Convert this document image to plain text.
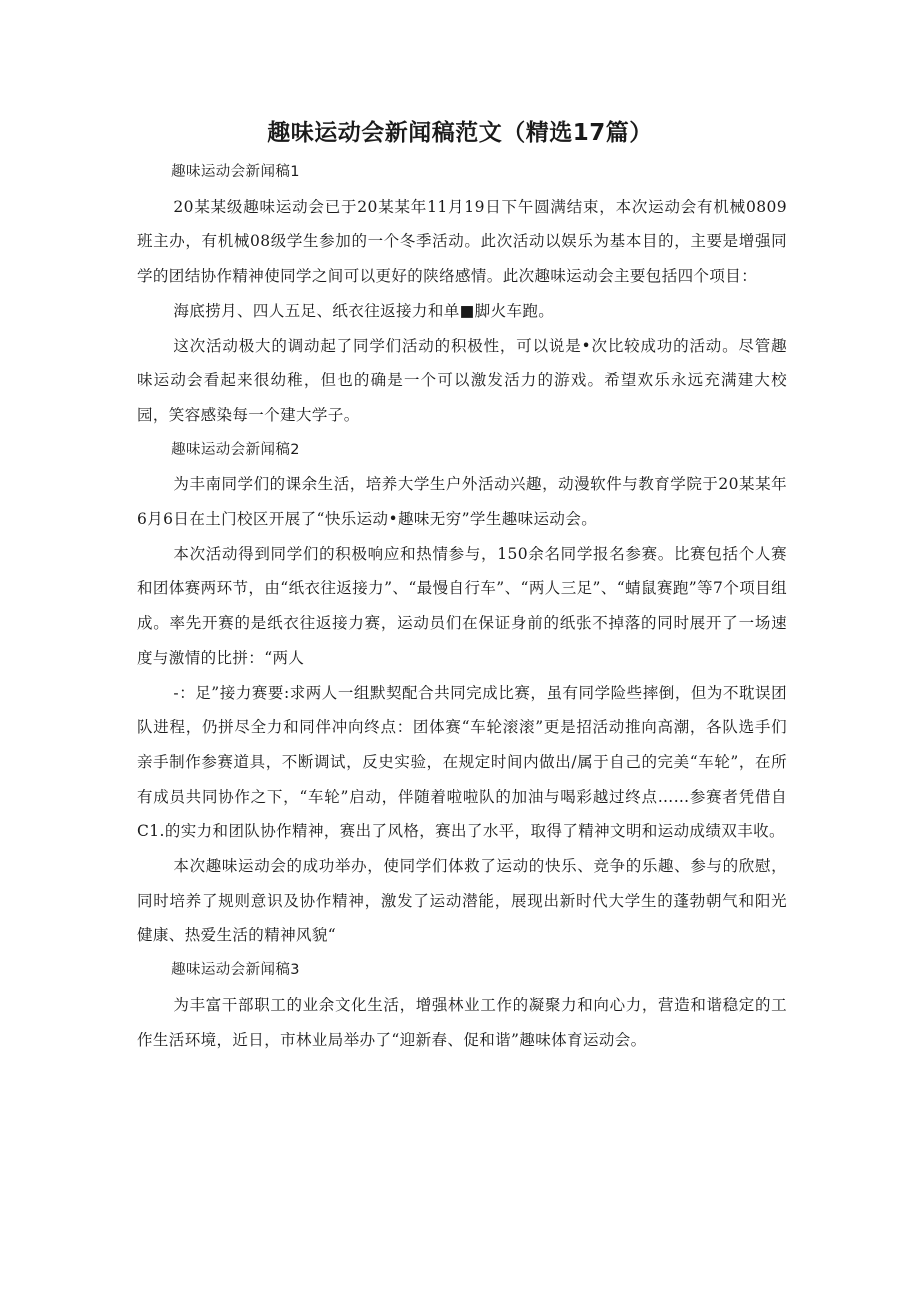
趣味运动会新闻稿范文（精选17篇）

趣味运动会新闻稿1

20某某级趣味运动会已于20某某年11月19日下午圆满结束，本次运动会有机械0809班主办，有机械08级学生参加的一个冬季活动。此次活动以娱乐为基本目的，主要是增强同学的团结协作精神使同学之间可以更好的陕络感情。此次趣味运动会主要包括四个项目：

海底捞月、四人五足、纸衣往返接力和单■脚火车跑。

这次活动极大的调动起了同学们活动的积极性，可以说是•次比较成功的活动。尽管趣味运动会看起来很幼稚，但也的确是一个可以激发活力的游戏。希望欢乐永远充满建大校园，笑容感染每一个建大学子。

趣味运动会新闻稿2

为丰南同学们的课余生活，培养大学生户外活动兴趣，动漫软件与教育学院于20某某年6月6日在土门校区开展了“快乐运动•趣味无穷”学生趣味运动会。

本次活动得到同学们的积极响应和热情参与，150余名同学报名参赛。比赛包括个人赛和团体赛两环节，由“纸衣往返接力”、“最慢自行车”、“两人三足”、“蜻鼠赛跑”等7个项目组成。率先开赛的是纸衣往返接力赛，运动员们在保证身前的纸张不掉落的同时展开了一场速度与激情的比拼：“两人

-：足”接力赛要:求两人一组默契配合共同完成比赛，虽有同学险些摔倒，但为不耽误团队进程，仍拼尽全力和同伴冲向终点：团体赛“车轮滚滚”更是招活动推向高潮，各队选手们亲手制作参赛道具，不断调试，反史实验，在规定时间内做出/属于自己的完美“车轮”，在所有成员共同协作之下，“车轮”启动，伴随着啦啦队的加油与喝彩越过终点……参赛者凭借自C1.的实力和团队协作精神，赛出了风格，赛出了水平，取得了精神文明和运动成绩双丰收。

本次趣味运动会的成功举办，使同学们体救了运动的快乐、竞争的乐趣、参与的欣慰，同时培养了规则意识及协作精神，激发了运动潜能，展现出新时代大学生的蓬勃朝气和阳光健康、热爱生活的精神风貌“

趣味运动会新闻稿3

为丰富干部职工的业余文化生活，增强林业工作的凝聚力和向心力，营造和谐稳定的工作生活环境，近日，市林业局举办了“迎新春、促和谐”趣味体育运动会。
